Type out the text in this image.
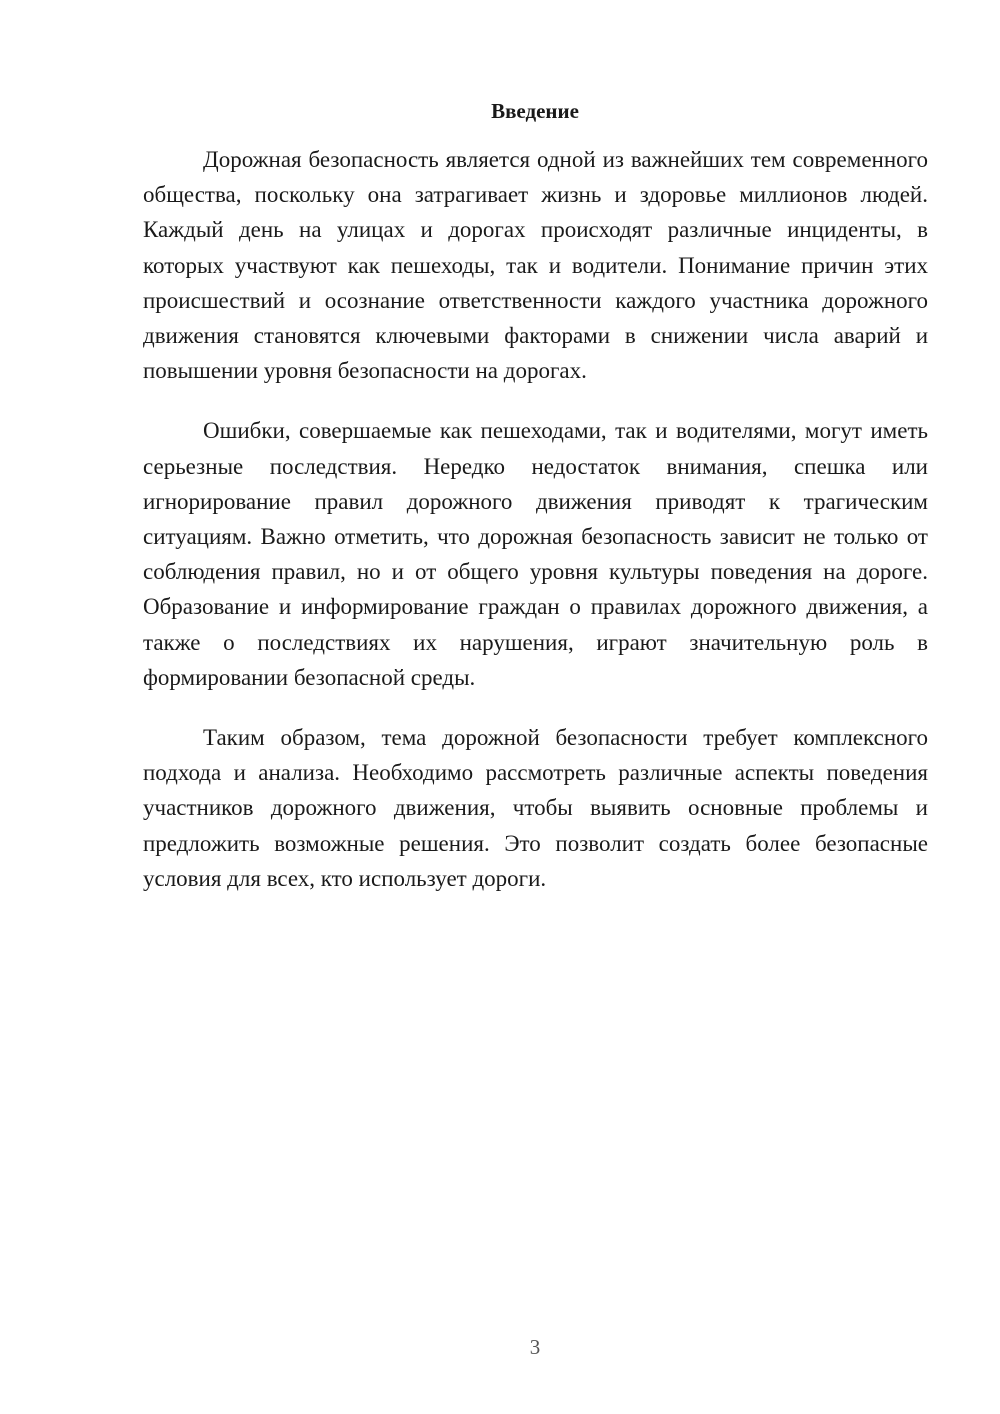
Введение

Дорожная безопасность является одной из важнейших тем современного общества, поскольку она затрагивает жизнь и здоровье миллионов людей. Каждый день на улицах и дорогах происходят различные инциденты, в которых участвуют как пешеходы, так и водители. Понимание причин этих происшествий и осознание ответственности каждого участника дорожного движения становятся ключевыми факторами в снижении числа аварий и повышении уровня безопасности на дорогах.

Ошибки, совершаемые как пешеходами, так и водителями, могут иметь серьезные последствия. Нередко недостаток внимания, спешка или игнорирование правил дорожного движения приводят к трагическим ситуациям. Важно отметить, что дорожная безопасность зависит не только от соблюдения правил, но и от общего уровня культуры поведения на дороге. Образование и информирование граждан о правилах дорожного движения, а также о последствиях их нарушения, играют значительную роль в формировании безопасной среды.

Таким образом, тема дорожной безопасности требует комплексного подхода и анализа. Необходимо рассмотреть различные аспекты поведения участников дорожного движения, чтобы выявить основные проблемы и предложить возможные решения. Это позволит создать более безопасные условия для всех, кто использует дороги.

3
